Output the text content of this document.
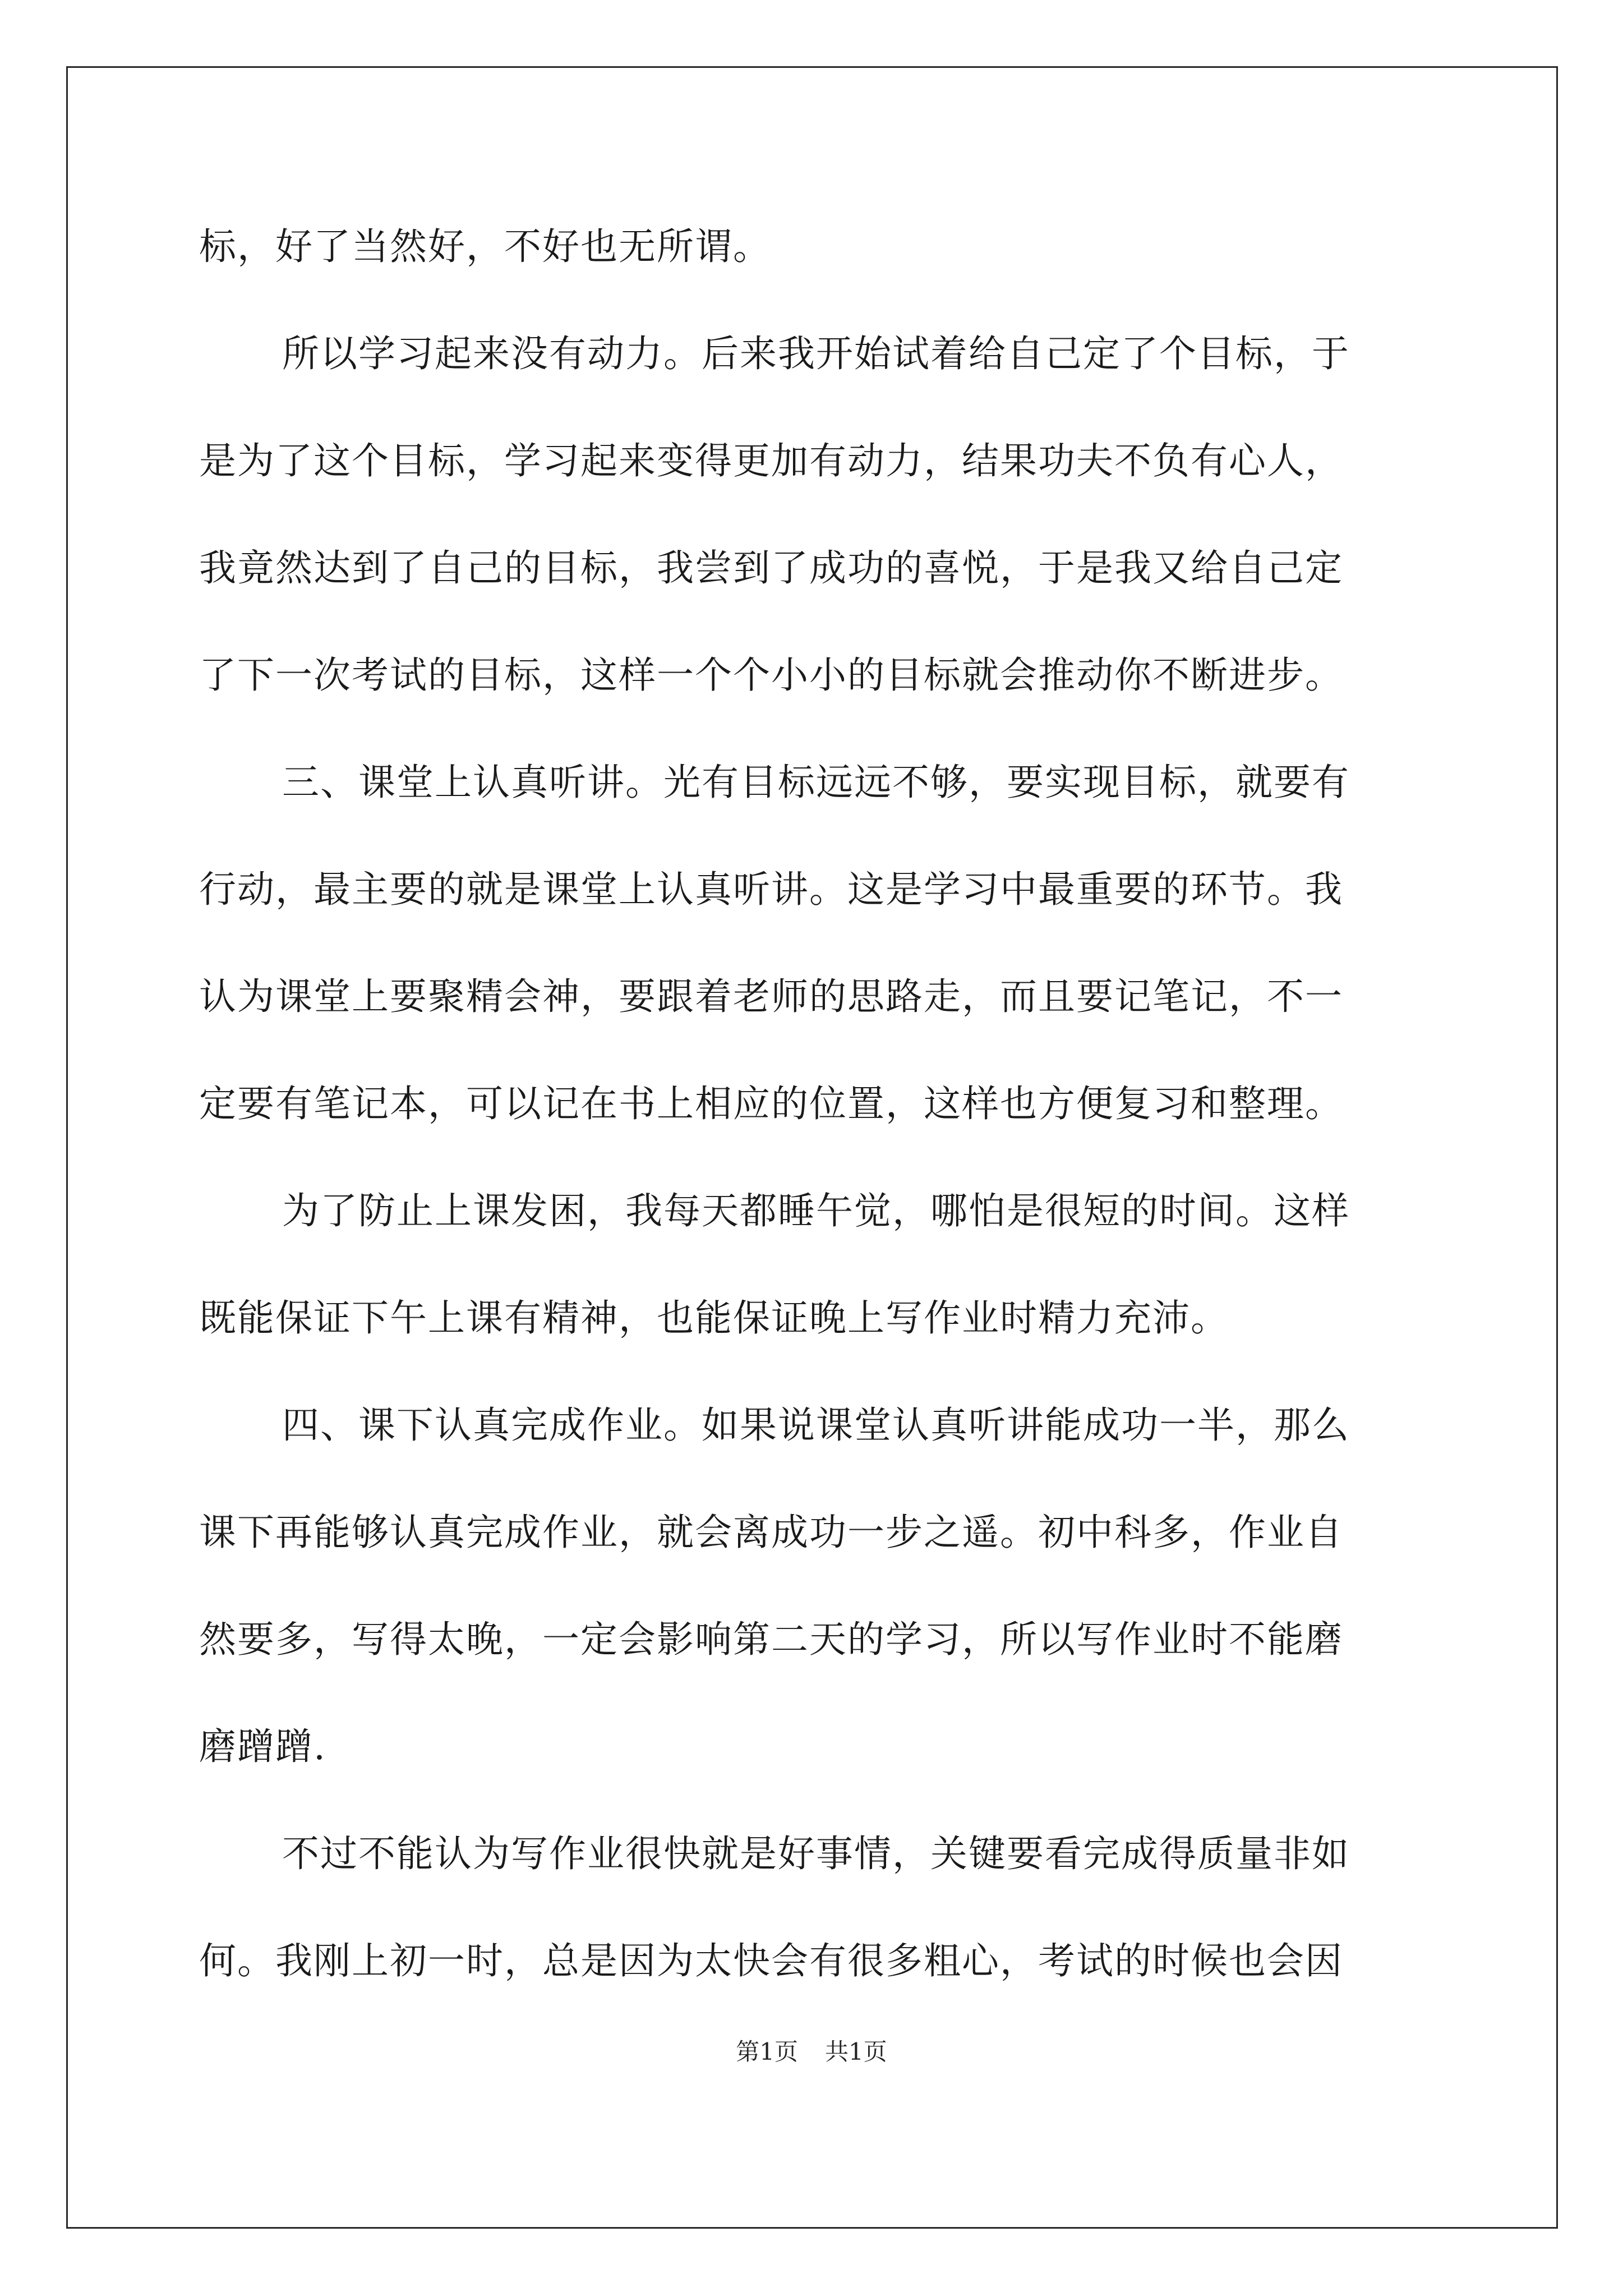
标，好了当然好，不好也无所谓。
所以学习起来没有动力。后来我开始试着给自己定了个目标，于
是为了这个目标，学习起来变得更加有动力，结果功夫不负有心人，
我竟然达到了自己的目标，我尝到了成功的喜悦，于是我又给自己定
了下一次考试的目标，这样一个个小小的目标就会推动你不断进步。
三、课堂上认真听讲。光有目标远远不够，要实现目标，就要有
行动，最主要的就是课堂上认真听讲。这是学习中最重要的环节。我
认为课堂上要聚精会神，要跟着老师的思路走，而且要记笔记，不一
定要有笔记本，可以记在书上相应的位置，这样也方便复习和整理。
为了防止上课发困，我每天都睡午觉，哪怕是很短的时间。这样
既能保证下午上课有精神，也能保证晚上写作业时精力充沛。
四、课下认真完成作业。如果说课堂认真听讲能成功一半，那么
课下再能够认真完成作业，就会离成功一步之遥。初中科多，作业自
然要多，写得太晚，一定会影响第二天的学习，所以写作业时不能磨
磨蹭蹭.
不过不能认为写作业很快就是好事情，关键要看完成得质量非如
何。我刚上初一时，总是因为太快会有很多粗心，考试的时候也会因
第1页 共1页
